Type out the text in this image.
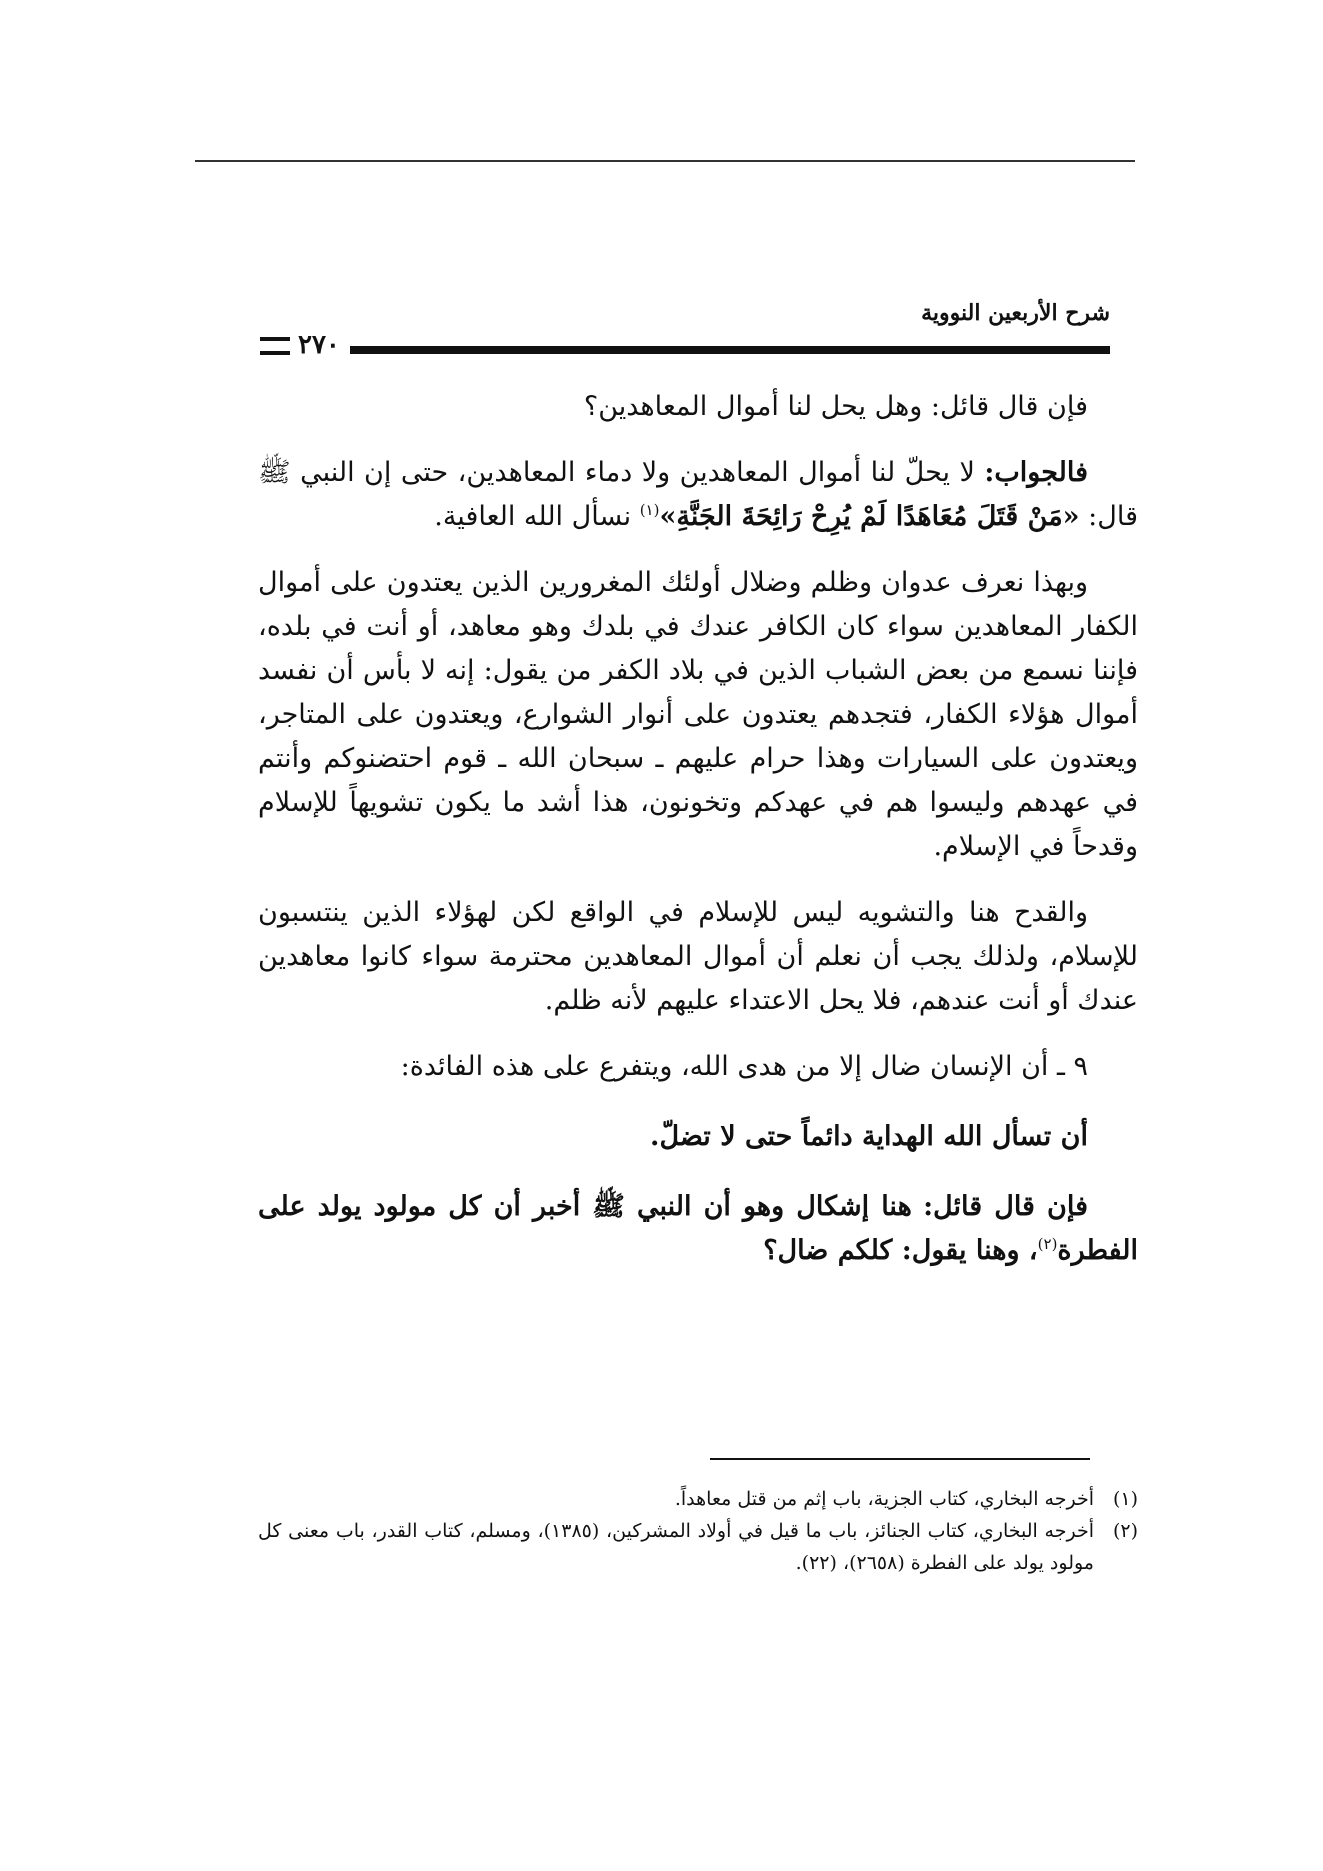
شرح الأربعين النووية
٢٧٠

فإن قال قائل: وهل يحل لنا أموال المعاهدين؟

فالجواب: لا يحلّ لنا أموال المعاهدين ولا دماء المعاهدين، حتى إن النبي ﷺ قال: «مَنْ قَتَلَ مُعَاهَدًا لَمْ يُرِحْ رَائِحَةَ الجَنَّةِ»$^{(١)}$ نسأل الله العافية.

وبهذا نعرف عدوان وظلم وضلال أولئك المغرورين الذين يعتدون على أموال الكفار المعاهدين سواء كان الكافر عندك في بلدك وهو معاهد، أو أنت في بلده، فإننا نسمع من بعض الشباب الذين في بلاد الكفر من يقول: إنه لا بأس أن نفسد أموال هؤلاء الكفار، فتجدهم يعتدون على أنوار الشوارع، ويعتدون على المتاجر، ويعتدون على السيارات وهذا حرام عليهم ـ سبحان الله ـ قوم احتضنوكم وأنتم في عهدهم وليسوا هم في عهدكم وتخونون، هذا أشد ما يكون تشويهاً للإسلام وقدحاً في الإسلام.

والقدح هنا والتشويه ليس للإسلام في الواقع لكن لهؤلاء الذين ينتسبون للإسلام، ولذلك يجب أن نعلم أن أموال المعاهدين محترمة سواء كانوا معاهدين عندك أو أنت عندهم، فلا يحل الاعتداء عليهم لأنه ظلم.

٩ ـ أن الإنسان ضال إلا من هدى الله، ويتفرع على هذه الفائدة:

أن تسأل الله الهداية دائماً حتى لا تضلّ.

فإن قال قائل: هنا إشكال وهو أن النبي ﷺ أخبر أن كل مولود يولد على الفطرة$^{(٢)}$، وهنا يقول: كلكم ضال؟

(١)
أخرجه البخاري، كتاب الجزية، باب إثم من قتل معاهداً.
(٢)
أخرجه البخاري، كتاب الجنائز، باب ما قيل في أولاد المشركين، (١٣٨٥)، ومسلم، كتاب القدر، باب معنى كل مولود يولد على الفطرة (٢٦٥٨)، (٢٢).
